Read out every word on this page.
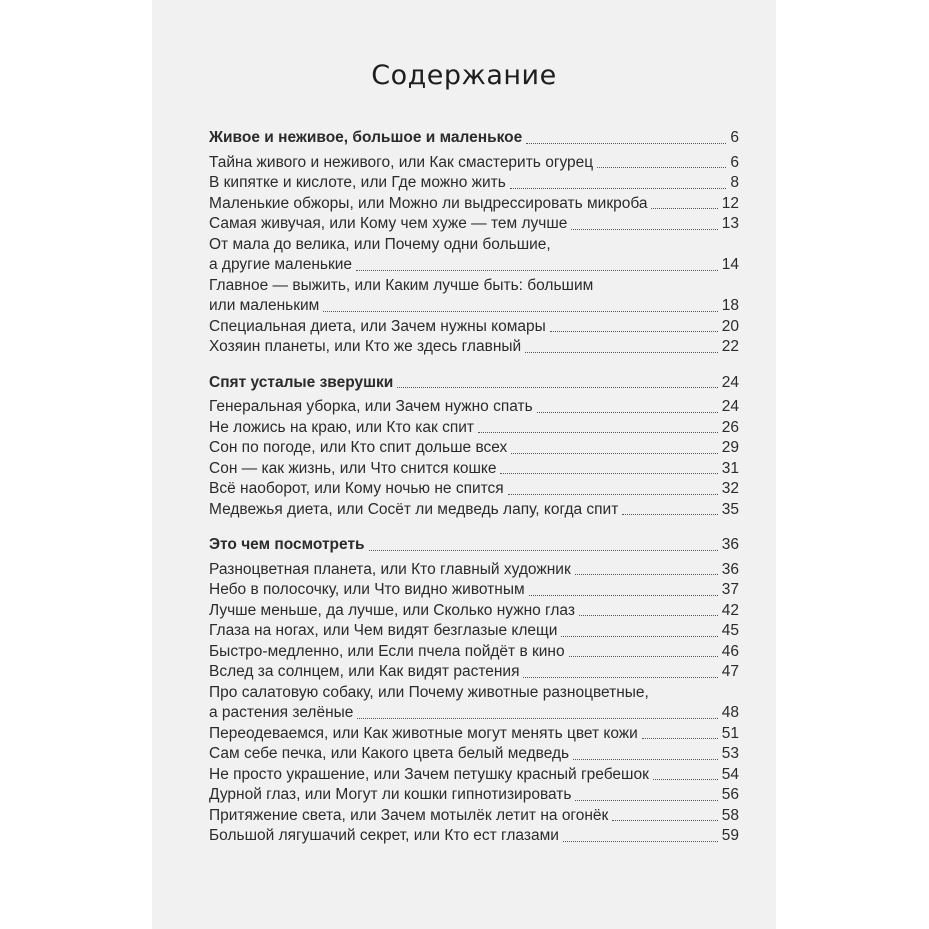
Содержание
Живое и неживое, большое и маленькое	6
Тайна живого и неживого, или Как смастерить огурец	6
В кипятке и кислоте, или Где можно жить	8
Маленькие обжоры, или Можно ли выдрессировать микроба	12
Самая живучая, или Кому чем хуже — тем лучше	13
От мала до велика, или Почему одни большие,
а другие маленькие	14
Главное — выжить, или Каким лучше быть: большим
или маленьким	18
Специальная диета, или Зачем нужны комары	20
Хозяин планеты, или Кто же здесь главный	22
Спят усталые зверушки	24
Генеральная уборка, или Зачем нужно спать	24
Не ложись на краю, или Кто как спит	26
Сон по погоде, или Кто спит дольше всех	29
Сон — как жизнь, или Что снится кошке	31
Всё наоборот, или Кому ночью не спится	32
Медвежья диета, или Сосёт ли медведь лапу, когда спит	35
Это чем посмотреть	36
Разноцветная планета, или Кто главный художник	36
Небо в полосочку, или Что видно животным	37
Лучше меньше, да лучше, или Сколько нужно глаз	42
Глаза на ногах, или Чем видят безглазые клещи	45
Быстро-медленно, или Если пчела пойдёт в кино	46
Вслед за солнцем, или Как видят растения	47
Про салатовую собаку, или Почему животные разноцветные,
а растения зелёные	48
Переодеваемся, или Как животные могут менять цвет кожи	51
Сам себе печка, или Какого цвета белый медведь	53
Не просто украшение, или Зачем петушку красный гребешок	54
Дурной глаз, или Могут ли кошки гипнотизировать	56
Притяжение света, или Зачем мотылёк летит на огонёк	58
Большой лягушачий секрет, или Кто ест глазами	59
